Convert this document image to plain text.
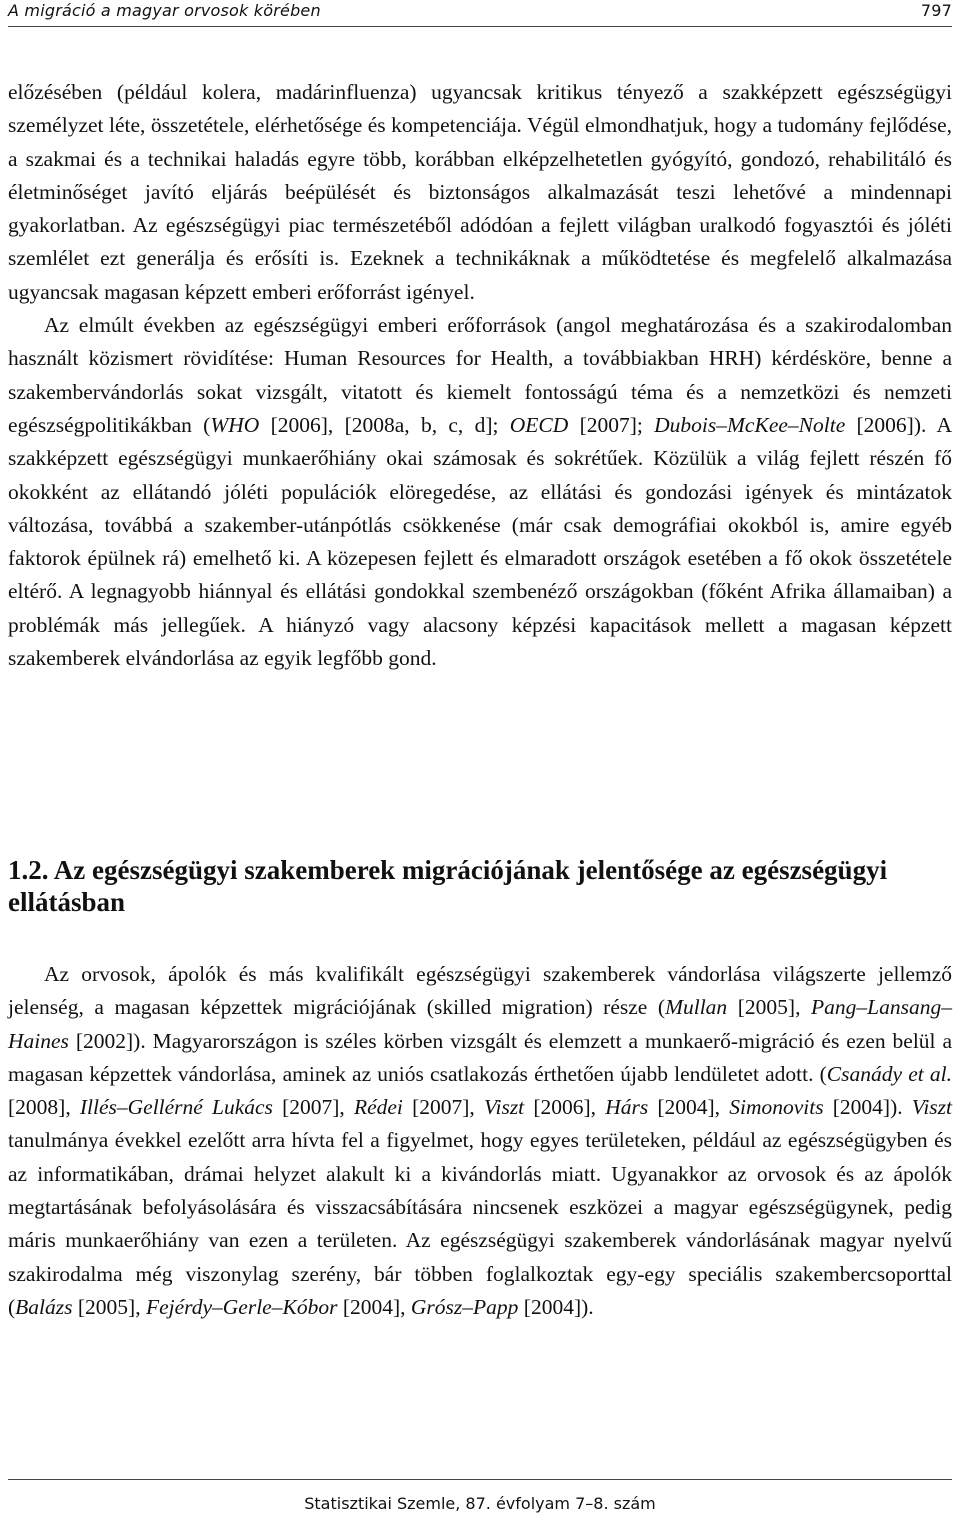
A migráció a magyar orvosok körében	797

előzésében (például kolera, madárinfluenza) ugyancsak kritikus tényező a szakképzett egészségügyi személyzet léte, összetétele, elérhetősége és kompetenciája. Végül elmondhatjuk, hogy a tudomány fejlődése, a szakmai és a technikai haladás egyre több, korábban elképzelhetetlen gyógyító, gondozó, rehabilitáló és életminőséget javító eljárás beépülését és biztonságos alkalmazását teszi lehetővé a mindennapi gyakorlatban. Az egészségügyi piac természetéből adódóan a fejlett világban uralkodó fogyasztói és jóléti szemlélet ezt generálja és erősíti is. Ezeknek a technikáknak a működtetése és megfelelő alkalmazása ugyancsak magasan képzett emberi erőforrást igényel.

Az elmúlt években az egészségügyi emberi erőforrások (angol meghatározása és a szakirodalomban használt közismert rövidítése: Human Resources for Health, a továbbiakban HRH) kérdésköre, benne a szakembervándorlás sokat vizsgált, vitatott és kiemelt fontosságú téma és a nemzetközi és nemzeti egészségpolitikákban (WHO [2006], [2008a, b, c, d]; OECD [2007]; Dubois–McKee–Nolte [2006]). A szakképzett egészségügyi munkaerőhiány okai számosak és sokrétűek. Közülük a világ fejlett részén fő okokként az ellátandó jóléti populációk elöregedése, az ellátási és gondozási igények és mintázatok változása, továbbá a szakember-utánpótlás csökkenése (már csak demográfiai okokból is, amire egyéb faktorok épülnek rá) emelhető ki. A közepesen fejlett és elmaradott országok esetében a fő okok összetétele eltérő. A legnagyobb hiánnyal és ellátási gondokkal szembenéző országokban (főként Afrika államaiban) a problémák más jellegűek. A hiányzó vagy alacsony képzési kapacitások mellett a magasan képzett szakemberek elvándorlása az egyik legfőbb gond.

1.2. Az egészségügyi szakemberek migrációjának jelentősége az egészségügyi ellátásban

Az orvosok, ápolók és más kvalifikált egészségügyi szakemberek vándorlása világszerte jellemző jelenség, a magasan képzettek migrációjának (skilled migration) része (Mullan [2005], Pang–Lansang–Haines [2002]). Magyarországon is széles körben vizsgált és elemzett a munkaerő-migráció és ezen belül a magasan képzettek vándorlása, aminek az uniós csatlakozás érthetően újabb lendületet adott. (Csanády et al. [2008], Illés–Gellérné Lukács [2007], Rédei [2007], Viszt [2006], Hárs [2004], Simonovits [2004]). Viszt tanulmánya évekkel ezelőtt arra hívta fel a figyelmet, hogy egyes területeken, például az egészségügyben és az informatikában, drámai helyzet alakult ki a kivándorlás miatt. Ugyanakkor az orvosok és az ápolók megtartásának befolyásolására és visszacsábítására nincsenek eszközei a magyar egészségügynek, pedig máris munkaerőhiány van ezen a területen. Az egészségügyi szakemberek vándorlásának magyar nyelvű szakirodalma még viszonylag szerény, bár többen foglalkoztak egy-egy speciális szakembercsoporttal (Balázs [2005], Fejérdy–Gerle–Kóbor [2004], Grósz–Papp [2004]).

Statisztikai Szemle, 87. évfolyam 7–8. szám
